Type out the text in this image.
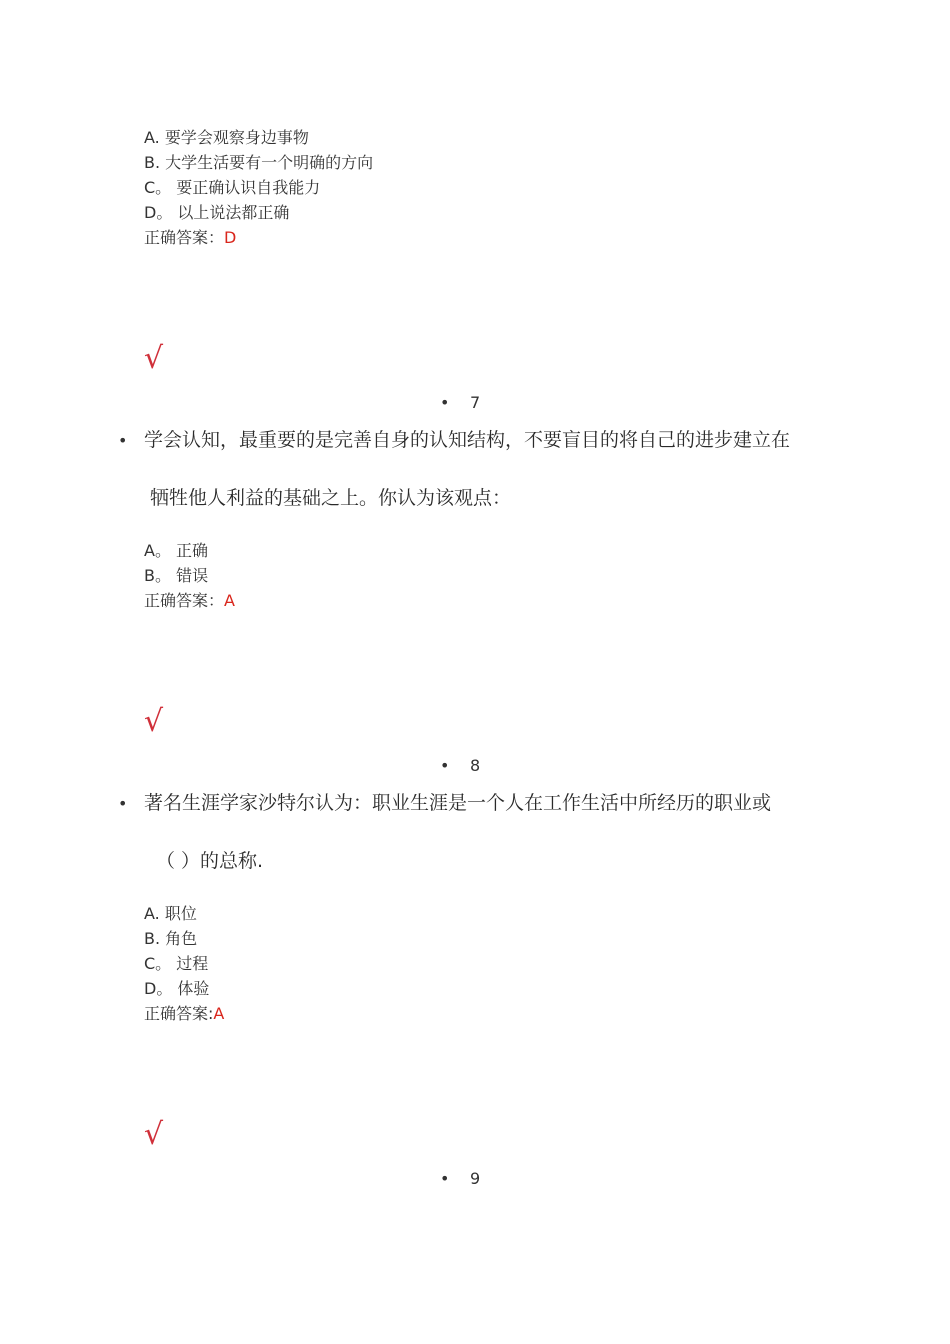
A. 要学会观察身边事物
B. 大学生活要有一个明确的方向
C。 要正确认识自我能力
D。 以上说法都正确
正确答案：D
√
• 7
• 学会认知，最重要的是完善自身的认知结构，不要盲目的将自己的进步建立在
牺牲他人利益的基础之上。你认为该观点：
A。 正确
B。 错误
正确答案：A
√
• 8
• 著名生涯学家沙特尔认为：职业生涯是一个人在工作生活中所经历的职业或
（ ）的总称.
A. 职位
B. 角色
C。 过程
D。 体验
正确答案:A
√
• 9
